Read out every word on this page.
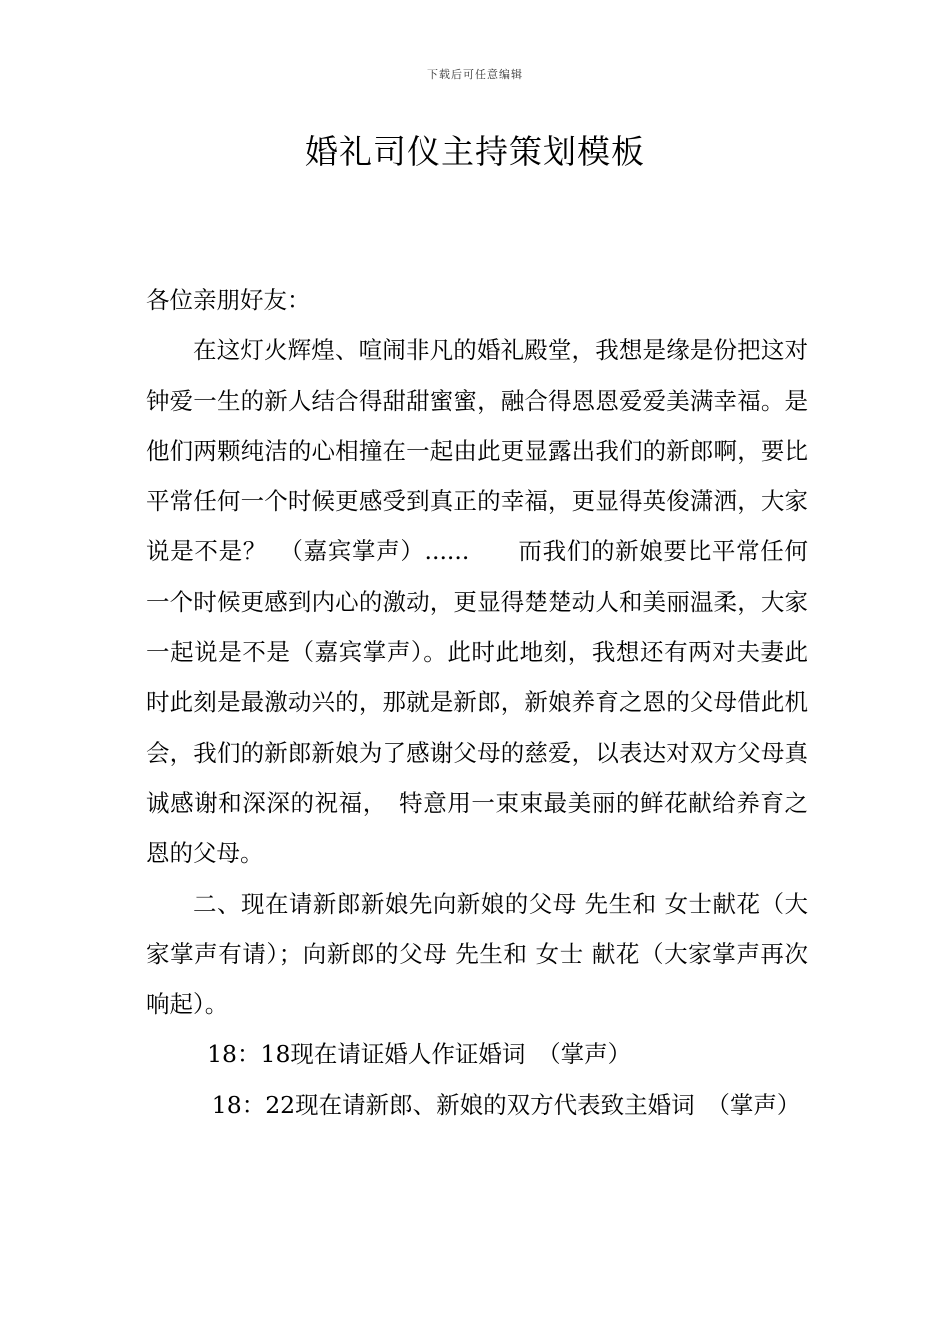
下载后可任意编辑
婚礼司仪主持策划模板

各位亲朋好友：

在这灯火辉煌、喧闹非凡的婚礼殿堂，我想是缘是份把这对钟爱一生的新人结合得甜甜蜜蜜，融合得恩恩爱爱美满幸福。是他们两颗纯洁的心相撞在一起由此更显露出我们的新郎啊，要比平常任何一个时候更感受到真正的幸福，更显得英俊潇洒，大家说是不是？　（嘉宾掌声）......　　而我们的新娘要比平常任何一个时候更感到内心的激动，更显得楚楚动人和美丽温柔，大家一起说是不是（嘉宾掌声）。此时此地刻，我想还有两对夫妻此时此刻是最激动兴的，那就是新郎，新娘养育之恩的父母借此机会，我们的新郎新娘为了感谢父母的慈爱，以表达对双方父母真诚感谢和深深的祝福，　特意用一束束最美丽的鲜花献给养育之恩的父母。

二、现在请新郎新娘先向新娘的父母 先生和 女士献花（大家掌声有请）；向新郎的父母 先生和 女士 献花（大家掌声再次响起）。

18：18现在请证婚人作证婚词　（掌声）

18：22现在请新郎、新娘的双方代表致主婚词　（掌声）
